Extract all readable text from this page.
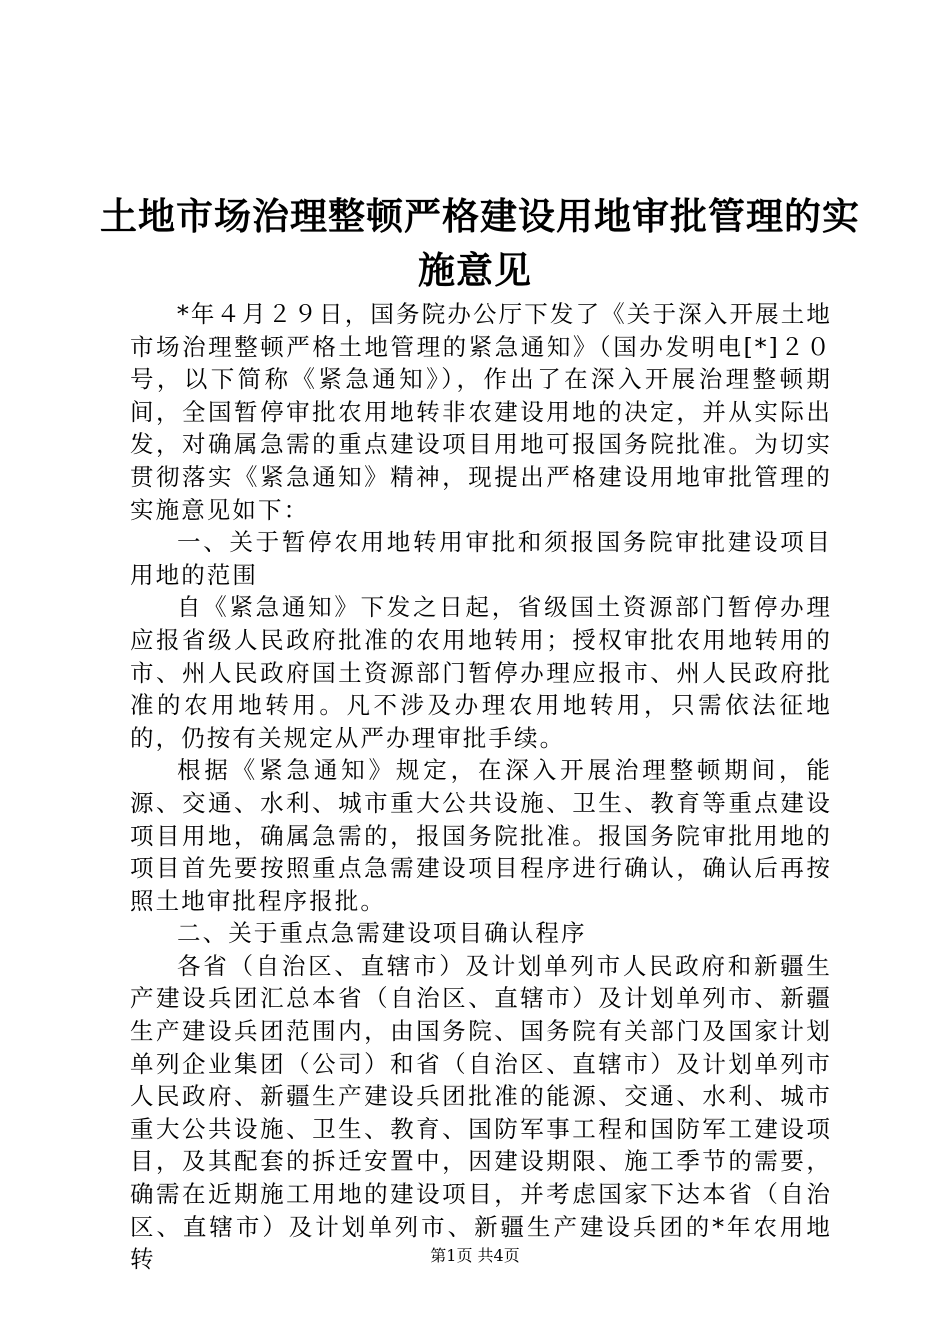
土地市场治理整顿严格建设用地审批管理的实
施意见

*年４月２９日，国务院办公厅下发了《关于深入开展土地市场治理整顿严格土地管理的紧急通知》（国办发明电[*]２０号，以下简称《紧急通知》），作出了在深入开展治理整顿期间，全国暂停审批农用地转非农建设用地的决定，并从实际出发，对确属急需的重点建设项目用地可报国务院批准。为切实贯彻落实《紧急通知》精神，现提出严格建设用地审批管理的实施意见如下：

一、关于暂停农用地转用审批和须报国务院审批建设项目用地的范围

自《紧急通知》下发之日起，省级国土资源部门暂停办理应报省级人民政府批准的农用地转用；授权审批农用地转用的市、州人民政府国土资源部门暂停办理应报市、州人民政府批准的农用地转用。凡不涉及办理农用地转用，只需依法征地的，仍按有关规定从严办理审批手续。

根据《紧急通知》规定，在深入开展治理整顿期间，能源、交通、水利、城市重大公共设施、卫生、教育等重点建设项目用地，确属急需的，报国务院批准。报国务院审批用地的项目首先要按照重点急需建设项目程序进行确认，确认后再按照土地审批程序报批。

二、关于重点急需建设项目确认程序

各省（自治区、直辖市）及计划单列市人民政府和新疆生产建设兵团汇总本省（自治区、直辖市）及计划单列市、新疆生产建设兵团范围内，由国务院、国务院有关部门及国家计划单列企业集团（公司）和省（自治区、直辖市）及计划单列市人民政府、新疆生产建设兵团批准的能源、交通、水利、城市重大公共设施、卫生、教育、国防军事工程和国防军工建设项目，及其配套的拆迁安置中，因建设期限、施工季节的需要，确需在近期施工用地的建设项目，并考虑国家下达本省（自治区、直辖市）及计划单列市、新疆生产建设兵团的*年农用地转	第1页 共4页
